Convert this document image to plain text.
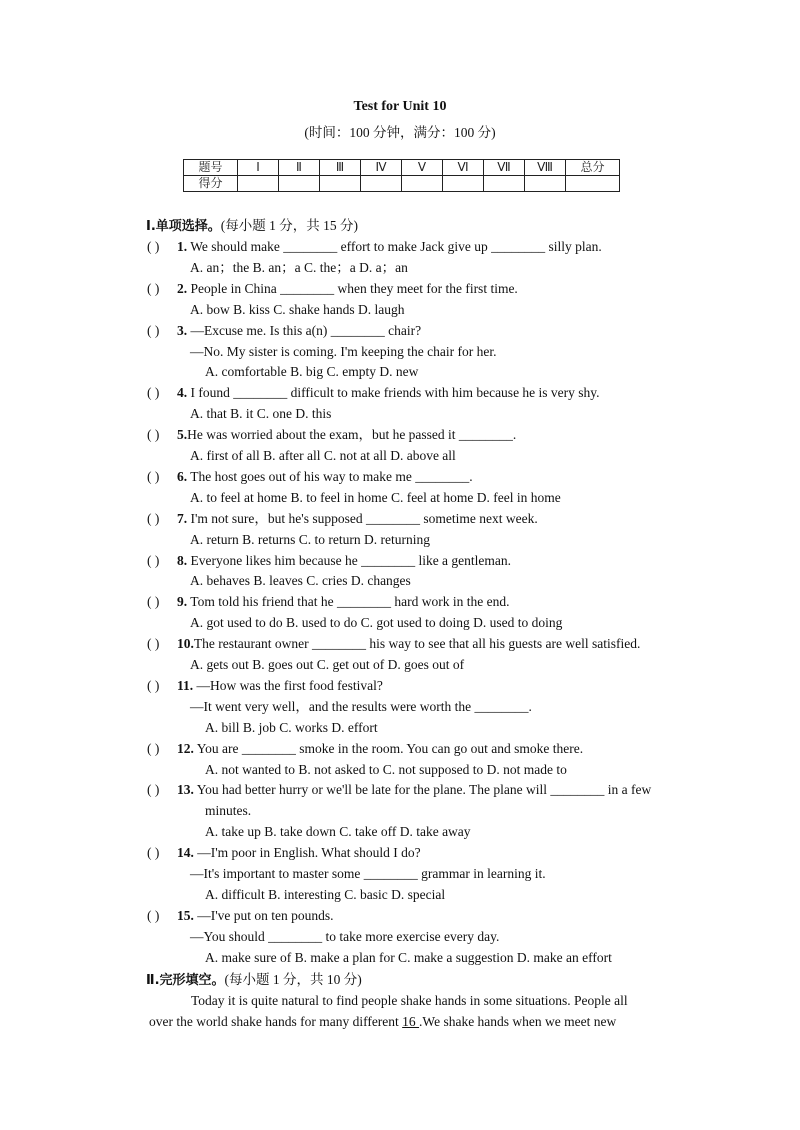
Test for Unit 10
(时间：100 分钟，满分：100 分)
题号	Ⅰ	Ⅱ	Ⅲ	Ⅳ	Ⅴ	Ⅵ	Ⅶ	Ⅷ	总分
得分									
Ⅰ.单项选择。(每小题 1 分，共 15 分)
( ) 1. We should make ________ effort to make Jack give up ________ silly plan.
A. an；the B. an；a C. the；a D. a；an
( ) 2. People in China ________ when they meet for the first time.
A. bow B. kiss C. shake hands D. laugh
( ) 3. —Excuse me. Is this a(n) ________ chair?
—No. My sister is coming. I'm keeping the chair for her.
A. comfortable B. big C. empty D. new
( ) 4. I found ________ difficult to make friends with him because he is very shy.
A. that B. it C. one D. this
( ) 5.He was worried about the exam，but he passed it ________.
A. first of all B. after all C. not at all D. above all
( ) 6. The host goes out of his way to make me ________.
A. to feel at home B. to feel in home C. feel at home D. feel in home
( ) 7. I'm not sure，but he's supposed ________ sometime next week.
A. return B. returns C. to return D. returning
( ) 8. Everyone likes him because he ________ like a gentleman.
A. behaves B. leaves C. cries D. changes
( ) 9. Tom told his friend that he ________ hard work in the end.
A. got used to do B. used to do C. got used to doing D. used to doing
( ) 10.The restaurant owner ________ his way to see that all his guests are well satisfied.
A. gets out B. goes out C. get out of D. goes out of
( ) 11. —How was the first food festival?
—It went very well，and the results were worth the ________.
A. bill B. job C. works D. effort
( ) 12. You are ________ smoke in the room. You can go out and smoke there.
A. not wanted to B. not asked to C. not supposed to D. not made to
( ) 13. You had better hurry or we'll be late for the plane. The plane will ________ in a few
minutes.
A. take up B. take down C. take off D. take away
( ) 14. —I'm poor in English. What should I do?
—It's important to master some ________ grammar in learning it.
A. difficult B. interesting C. basic D. special
( ) 15. —I've put on ten pounds.
—You should ________ to take more exercise every day.
A. make sure of B. make a plan for C. make a suggestion D. make an effort
Ⅱ.完形填空。(每小题 1 分，共 10 分)
Today it is quite natural to find people shake hands in some situations. People all
over the world shake hands for many different 16 .We shake hands when we meet new
